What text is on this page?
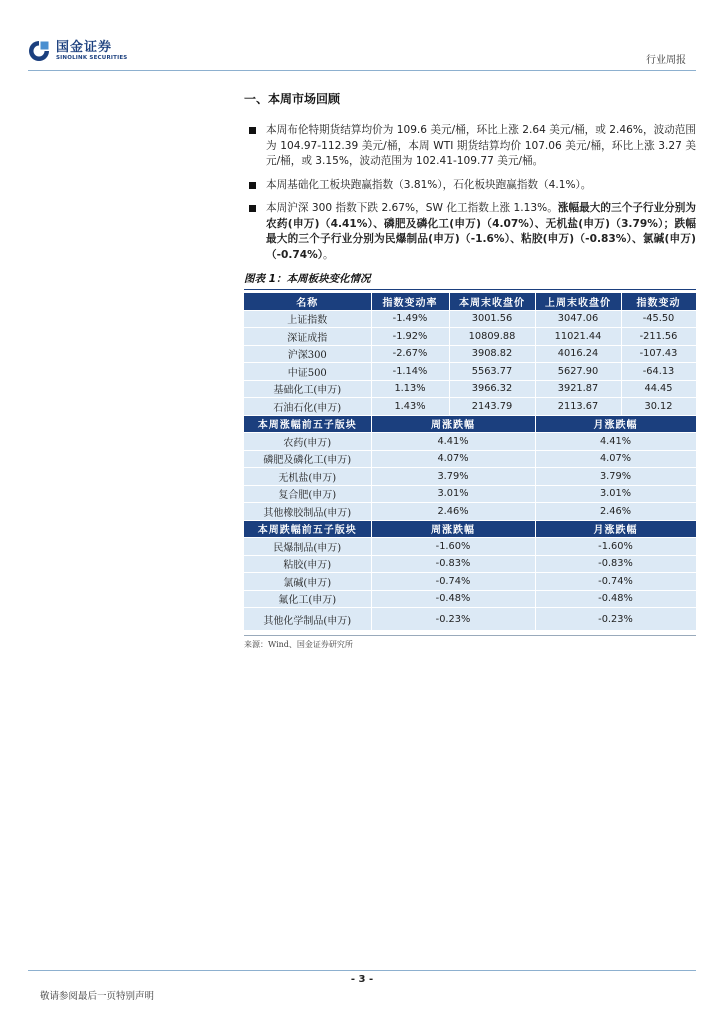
国金证券
SINOLINK SECURITIES	行业周报
一、本周市场回顾
本周布伦特期货结算均价为 109.6 美元/桶，环比上涨 2.64 美元/桶，或 2.46%，波动范围为 104.97-112.39 美元/桶，本周 WTI 期货结算均价 107.06 美元/桶，环比上涨 3.27 美元/桶，或 3.15%，波动范围为 102.41-109.77 美元/桶。
本周基础化工板块跑赢指数（3.81%），石化板块跑赢指数（4.1%）。
本周沪深 300 指数下跌 2.67%，SW 化工指数上涨 1.13%。涨幅最大的三个子行业分别为农药(申万)（4.41%）、磷肥及磷化工(申万)（4.07%）、无机盐(申万)（3.79%）；跌幅最大的三个子行业分别为民爆制品(申万)（-1.6%）、粘胶(申万)（-0.83%）、氯碱(申万)（-0.74%）。
图表 1：本周板块变化情况
名称	指数变动率	本周末收盘价	上周末收盘价	指数变动
上证指数	-1.49%	3001.56	3047.06	-45.50
深证成指	-1.92%	10809.88	11021.44	-211.56
沪深300	-2.67%	3908.82	4016.24	-107.43
中证500	-1.14%	5563.77	5627.90	-64.13
基础化工(申万)	1.13%	3966.32	3921.87	44.45
石油石化(申万)	1.43%	2143.79	2113.67	30.12
本周涨幅前五子版块	周涨跌幅		月涨跌幅	
农药(申万)	4.41%		4.41%	
磷肥及磷化工(申万)	4.07%		4.07%	
无机盐(申万)	3.79%		3.79%	
复合肥(申万)	3.01%		3.01%	
其他橡胶制品(申万)	2.46%		2.46%	
本周跌幅前五子版块	周涨跌幅		月涨跌幅	
民爆制品(申万)	-1.60%		-1.60%	
粘胶(申万)	-0.83%		-0.83%	
氯碱(申万)	-0.74%		-0.74%	
氟化工(申万)	-0.48%		-0.48%	
其他化学制品(申万)	-0.23%		-0.23%	
来源：Wind、国金证券研究所
- 3 -
敬请参阅最后一页特别声明
